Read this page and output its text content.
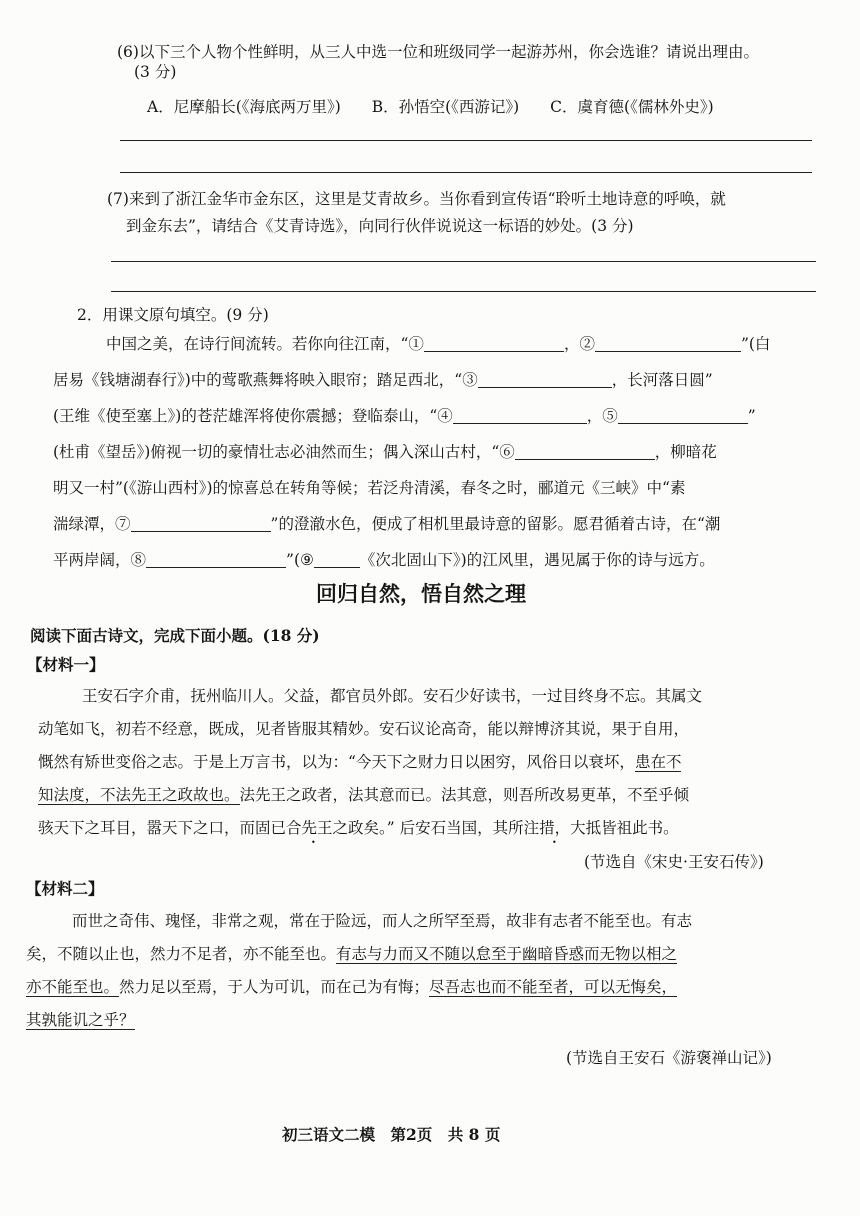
(6)以下三个人物个性鲜明，从三人中选一位和班级同学一起游苏州，你会选谁？请说出理由。
(3 分)
A．尼摩船长(《海底两万里》) B．孙悟空(《西游记》) C．虞育德(《儒林外史》)
(7)来到了浙江金华市金东区，这里是艾青故乡。当你看到宣传语“聆听土地诗意的呼唤，就
到金东去”，请结合《艾青诗选》，向同行伙伴说说这一标语的妙处。(3 分)
2．用课文原句填空。(9 分)
中国之美，在诗行间流转。若你向往江南，“①	，②	”(白
居易《钱塘湖春行》)中的莺歌燕舞将映入眼帘；踏足西北，“③	，长河落日圆”
(王维《使至塞上》)的苍茫雄浑将使你震撼；登临泰山，“④	，⑤	”
(杜甫《望岳》)俯视一切的豪情壮志必油然而生；偶入深山古村，“⑥	，柳暗花
明又一村”(《游山西村》)的惊喜总在转角等候；若泛舟清溪，春冬之时，郦道元《三峡》中“素
湍绿潭，⑦	”的澄澈水色，便成了相机里最诗意的留影。愿君循着古诗，在“潮
平两岸阔，⑧	”(⑨	《次北固山下》)的江风里，遇见属于你的诗与远方。
回归自然，悟自然之理
阅读下面古诗文，完成下面小题。(18 分)
【材料一】
王安石字介甫，抚州临川人。父益，都官员外郎。安石少好读书，一过目终身不忘。其属文
动笔如飞，初若不经意，既成，见者皆服其精妙。安石议论高奇，能以辩博济其说，果于自用，
慨然有矫世变俗之志。于是上万言书，以为：“今天下之财力日以困穷，风俗日以衰坏，患在不
知法度，不法先王之政故也。法先王之政者，法其意而已。法其意，则吾所改易更革，不至乎倾
骇天下之耳目，嚣天下之口，而固已合先王之政矣。” 后安石当国，其所注措，大抵皆祖此书。
•	•
(节选自《宋史·王安石传》)
【材料二】
而世之奇伟、瑰怪，非常之观，常在于险远，而人之所罕至焉，故非有志者不能至也。有志
矣，不随以止也，然力不足者，亦不能至也。有志与力而又不随以怠至于幽暗昏惑而无物以相之
亦不能至也。然力足以至焉，于人为可讥，而在己为有悔；尽吾志也而不能至者，可以无悔矣，
其孰能讥之乎？
(节选自王安石《游褒禅山记》)
初三语文二模　第2页　共 8 页
